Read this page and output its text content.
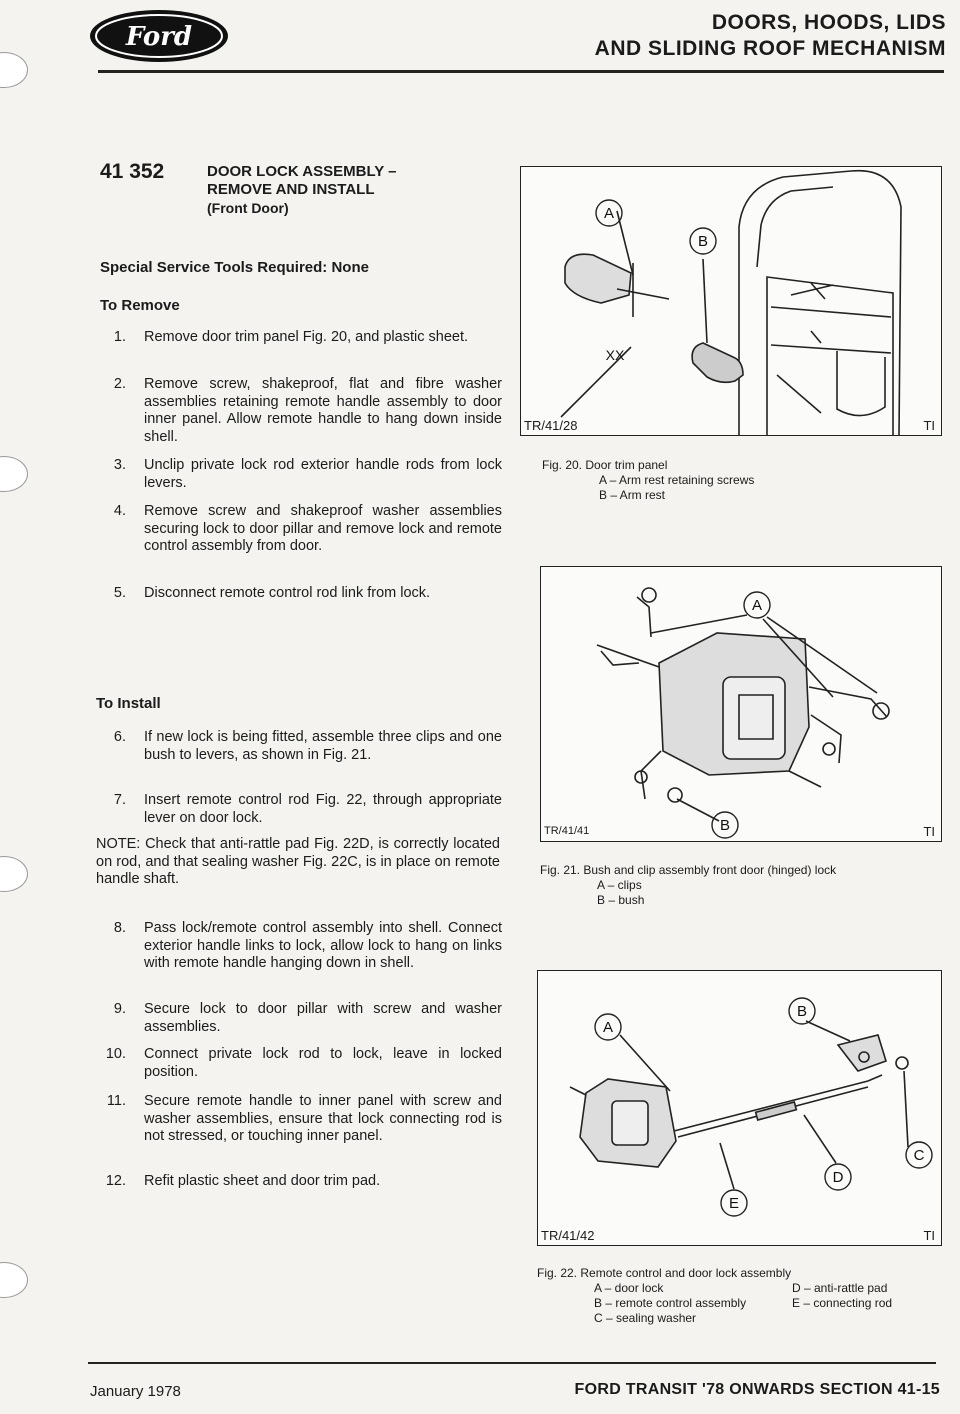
Ford	DOORS, HOODS, LIDS
AND SLIDING ROOF MECHANISM
41 352	DOOR LOCK ASSEMBLY –
REMOVE AND INSTALL
(Front Door)
Special Service Tools Required: None
To Remove
1. Remove door trim panel Fig. 20, and plastic sheet.
2. Remove screw, shakeproof, flat and fibre washer assemblies retaining remote handle assembly to door inner panel. Allow remote handle to hang down inside shell.
3. Unclip private lock rod exterior handle rods from lock levers.
4. Remove screw and shakeproof washer assemblies securing lock to door pillar and remove lock and remote control assembly from door.
5. Disconnect remote control rod link from lock.
To Install
6. If new lock is being fitted, assemble three clips and one bush to levers, as shown in Fig. 21.
7. Insert remote control rod Fig. 22, through appropriate lever on door lock.
NOTE: Check that anti-rattle pad Fig. 22D, is correctly located on rod, and that sealing washer Fig. 22C, is in place on remote handle shaft.
8. Pass lock/remote control assembly into shell. Connect exterior handle links to lock, allow lock to hang on links with remote handle hanging down in shell.
9. Secure lock to door pillar with screw and washer assemblies.
10. Connect private lock rod to lock, leave in locked position.
11. Secure remote handle to inner panel with screw and washer assemblies, ensure that lock connecting rod is not stressed, or touching inner panel.
12. Refit plastic sheet and door trim pad.
A
B
XX
TR/41/28	TI
Fig. 20. Door trim panel
A – Arm rest retaining screws
B – Arm rest
A
B
TR/41/41	TI
Fig. 21. Bush and clip assembly front door (hinged) lock
A – clips
B – bush
A
B
C
D
E
TR/41/42	TI
Fig. 22. Remote control and door lock assembly
A – door lock
B – remote control assembly
C – sealing washer
D – anti-rattle pad
E – connecting rod
January 1978	FORD TRANSIT '78 ONWARDS SECTION 41-15
